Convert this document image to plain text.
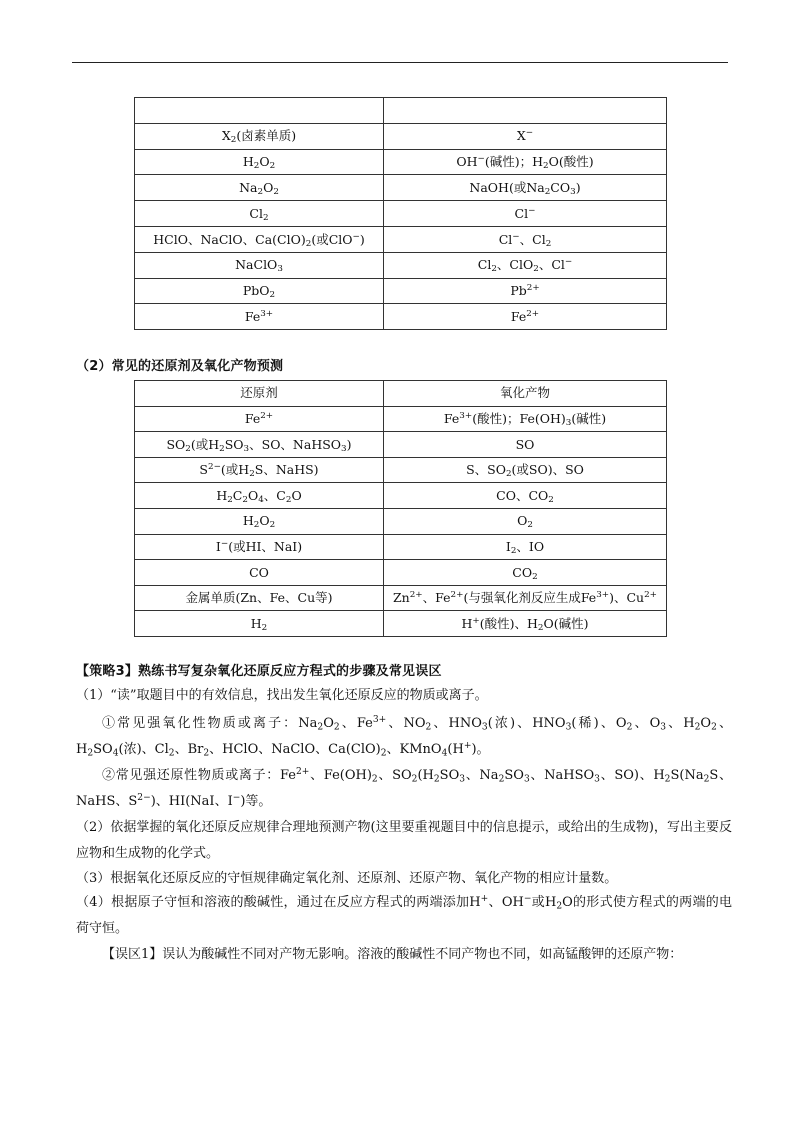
$X_2$(卤素单质)	X−
$H_2O_2$	OH−(碱性)；$H_2O$(酸性)
$Na_2O_2$	NaOH(或$Na_2CO_3$)
$Cl_2$	Cl−
HClO、NaClO、$Ca(ClO)_2$(或ClO−)	Cl−、$Cl_2$
NaClO$_3$	$Cl_2$、ClO$_2$、Cl−
PbO$_2$	$Pb^{2+}$
$Fe^{3+}$	$Fe^{2+}$
（2）常见的还原剂及氧化产物预测
还原剂	氧化产物
$Fe^{2+}$	$Fe^{3+}$(酸性)；$Fe(OH)_3$(碱性)
$SO_2$(或$H_2SO_3$、SO、NaHSO$_3$)	SO
$S^{2-}$(或$H_2S$、NaHS)	S、$SO_2$(或SO)、SO
$H_2C_2O_4$、$C_2O$	CO、$CO_2$
$H_2O_2$	$O_2$
I−(或HI、NaI)	$I_2$、IO
CO	$CO_2$
金属单质(Zn、Fe、Cu等)	$Zn^{2+}$、$Fe^{2+}$(与强氧化剂反应生成$Fe^{3+}$)、$Cu^{2+}$
$H_2$	H+(酸性)、$H_2O$(碱性)
【策略3】熟练书写复杂氧化还原反应方程式的步骤及常见误区

（1）“读”取题目中的有效信息，找出发生氧化还原反应的物质或离子。

①常见强氧化性物质或离子：$Na_2O_2$、$Fe^{3+}$、$NO_2$、$HNO_3$(浓)、$HNO_3$(稀)、$O_2$、$O_3$、$H_2O_2$、$H_2SO_4$(浓)、$Cl_2$、$Br_2$、HClO、NaClO、$Ca(ClO)_2$、KMnO$_4$(H+)。

②常见强还原性物质或离子：$Fe^{2+}$、$Fe(OH)_2$、$SO_2(H_2SO_3$、$Na_2SO_3$、NaHSO$_3$、SO)、$H_2S(Na_2S$、NaHS、$S^{2-}$)、HI(NaI、I−)等。

（2）依据掌握的氧化还原反应规律合理地预测产物(这里要重视题目中的信息提示，或给出的生成物)，写出主要反应物和生成物的化学式。

（3）根据氧化还原反应的守恒规律确定氧化剂、还原剂、还原产物、氧化产物的相应计量数。

（4）根据原子守恒和溶液的酸碱性，通过在反应方程式的两端添加H+、OH−或$H_2O$的形式使方程式的两端的电荷守恒。

【误区1】误认为酸碱性不同对产物无影响。溶液的酸碱性不同产物也不同，如高锰酸钾的还原产物：
